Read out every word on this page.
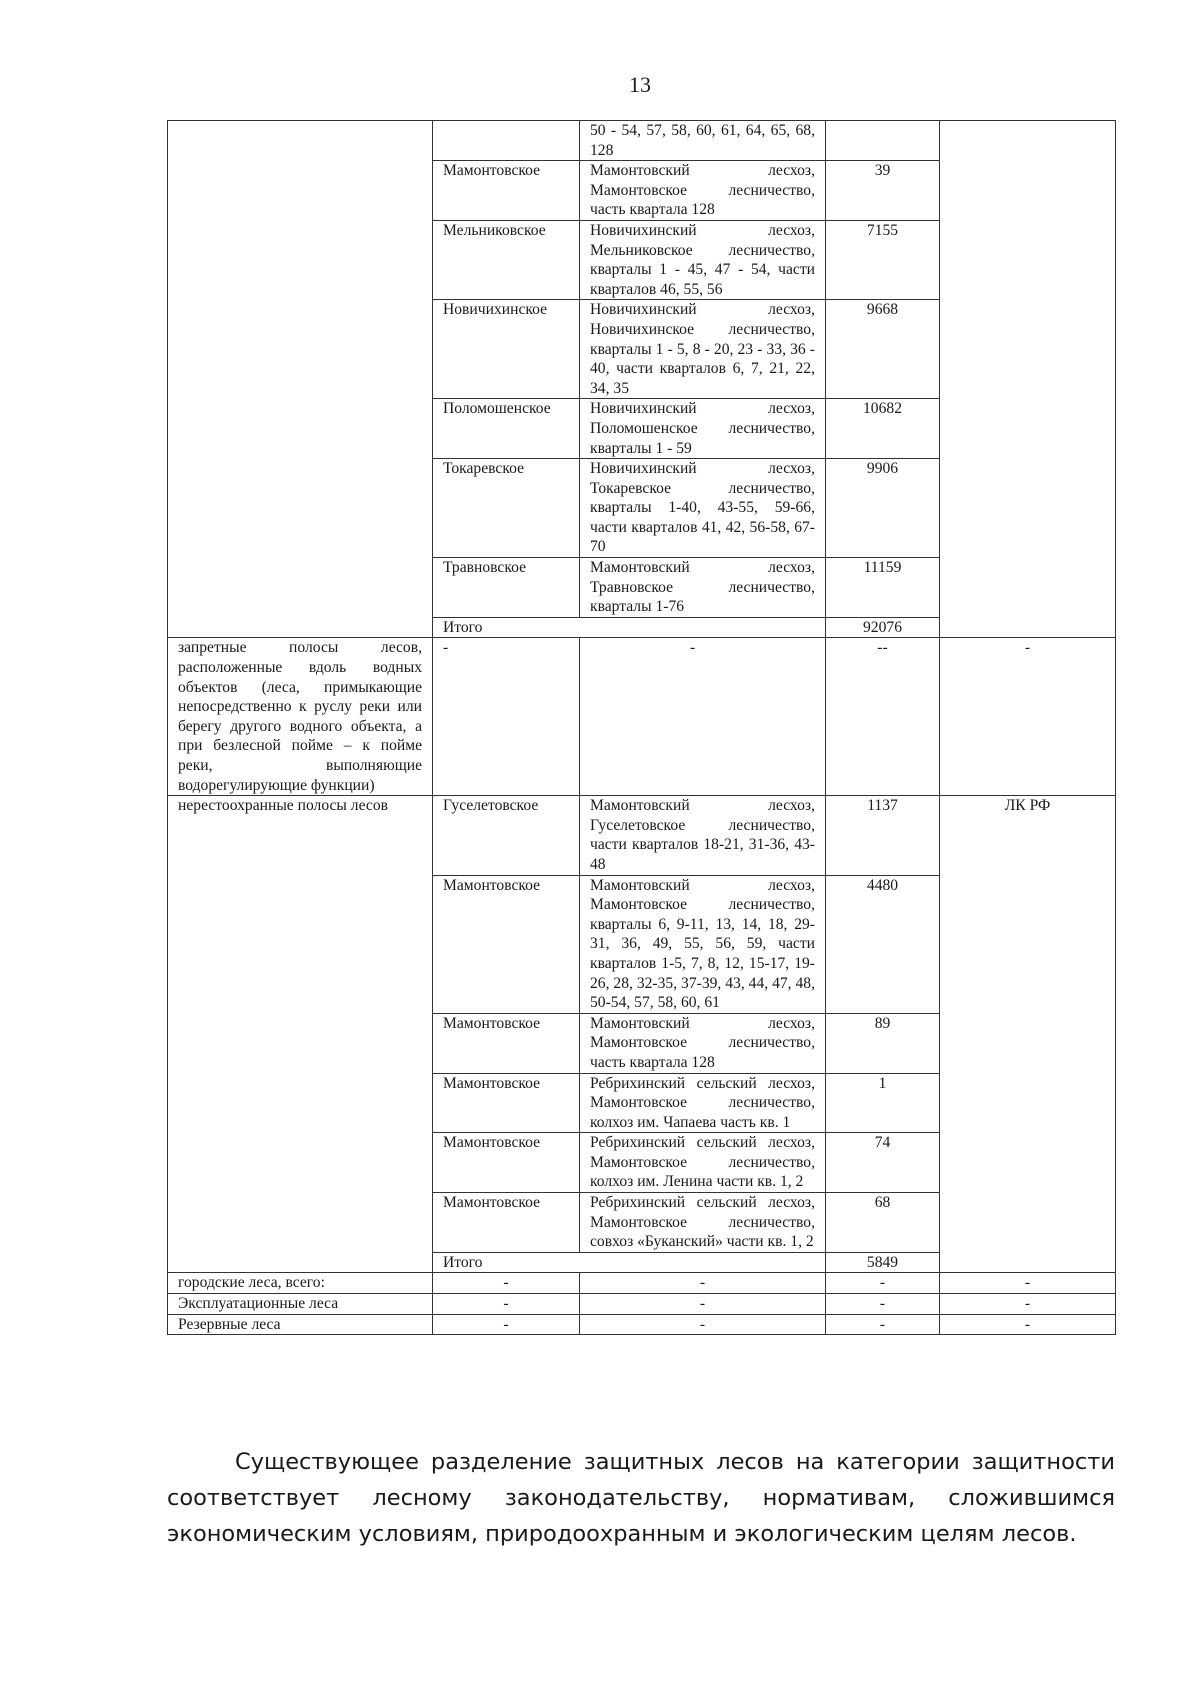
13
		50 - 54, 57, 58, 60, 61, 64, 65, 68, 128		
	Мамонтовское	Мамонтовский лесхоз, Мамонтовское лесничество, часть квартала 128	39	
	Мельниковское	Новичихинский лесхоз, Мельниковское лесничество, кварталы 1 - 45, 47 - 54, части кварталов 46, 55, 56	7155	
	Новичихинское	Новичихинский лесхоз, Новичихинское лесничество, кварталы 1 - 5, 8 - 20, 23 - 33, 36 - 40, части кварталов 6, 7, 21, 22, 34, 35	9668	
	Поломошенское	Новичихинский лесхоз, Поломошенское лесничество, кварталы 1 - 59	10682	
	Токаревское	Новичихинский лесхоз, Токаревское лесничество, кварталы 1-40, 43-55, 59-66, части кварталов 41, 42, 56-58, 67-70	9906	
	Травновское	Мамонтовский лесхоз, Травновское лесничество, кварталы 1-76	11159	
	Итого		92076	
запретные полосы лесов, расположенные вдоль водных объектов (леса, примыкающие непосредственно к руслу реки или берегу другого водного объекта, а при безлесной пойме – к пойме реки, выполняющие водорегулирующие функции)	-	-	--	-
нерестоохранные полосы лесов	Гуселетовское	Мамонтовский лесхоз, Гуселетовское лесничество, части кварталов 18-21, 31-36, 43-48	1137	ЛК РФ
	Мамонтовское	Мамонтовский лесхоз, Мамонтовское лесничество, кварталы 6, 9-11, 13, 14, 18, 29-31, 36, 49, 55, 56, 59, части кварталов 1-5, 7, 8, 12, 15-17, 19-26, 28, 32-35, 37-39, 43, 44, 47, 48, 50-54, 57, 58, 60, 61	4480	
	Мамонтовское	Мамонтовский лесхоз, Мамонтовское лесничество, часть квартала 128	89	
	Мамонтовское	Ребрихинский сельский лесхоз, Мамонтовское лесничество, колхоз им. Чапаева часть кв. 1	1	
	Мамонтовское	Ребрихинский сельский лесхоз, Мамонтовское лесничество, колхоз им. Ленина части кв. 1, 2	74	
	Мамонтовское	Ребрихинский сельский лесхоз, Мамонтовское лесничество, совхоз «Буканский» части кв. 1, 2	68	
	Итого		5849	
городские леса, всего:	-	-	-	-
Эксплуатационные леса	-	-	-	-
Резервные леса	-	-	-	-
Существующее разделение защитных лесов на категории защитности соответствует лесному законодательству, нормативам, сложившимся экономическим условиям, природоохранным и экологическим целям лесов.
